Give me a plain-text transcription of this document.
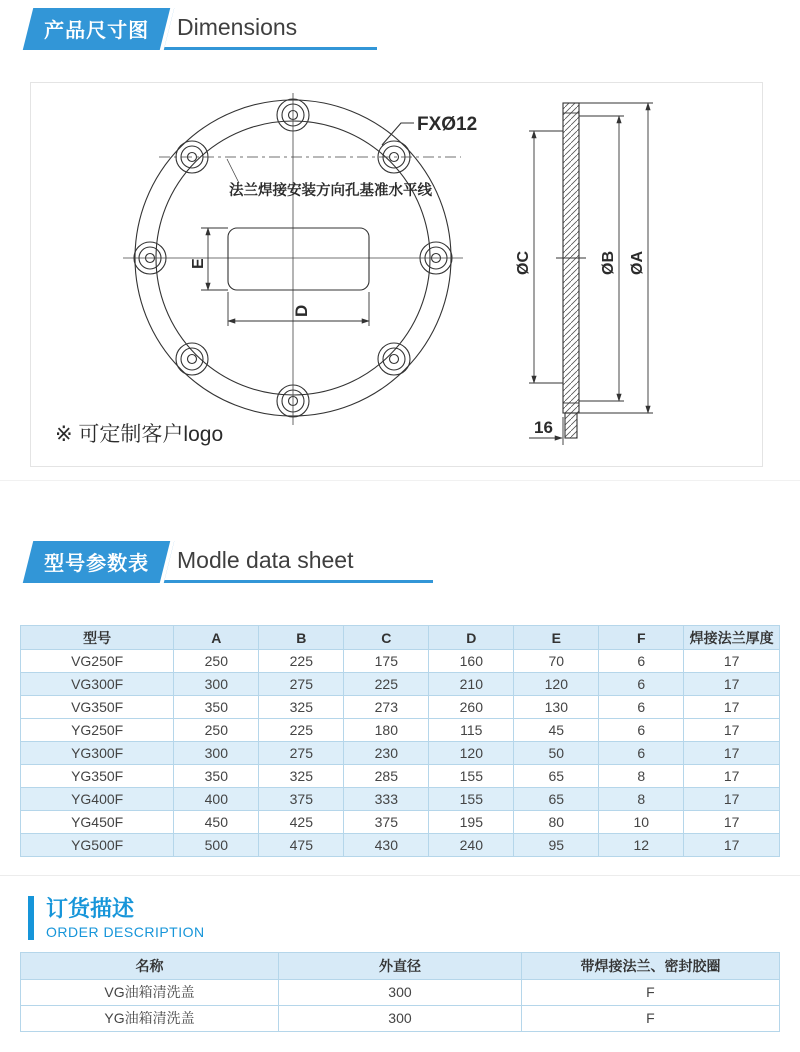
产品尺寸图	Dimensions
法兰焊接安装方向孔基准水平线
FXØ12
E
D
※ 可定制客户logo
ØC	ØB ØA
16
型号参数表	Modle data sheet
型号	A	B	C	D	E	F	焊接法兰厚度
VG250F	250	225	175	160	70	6	17
VG300F	300	275	225	210	120	6	17
VG350F	350	325	273	260	130	6	17
YG250F	250	225	180	115	45	6	17
YG300F	300	275	230	120	50	6	17
YG350F	350	325	285	155	65	8	17
YG400F	400	375	333	155	65	8	17
YG450F	450	425	375	195	80	10	17
YG500F	500	475	430	240	95	12	17
订货描述
ORDER DESCRIPTION
名称	外直径	带焊接法兰、密封胶圈
VG油箱清洗盖	300	F
YG油箱清洗盖	300	F
